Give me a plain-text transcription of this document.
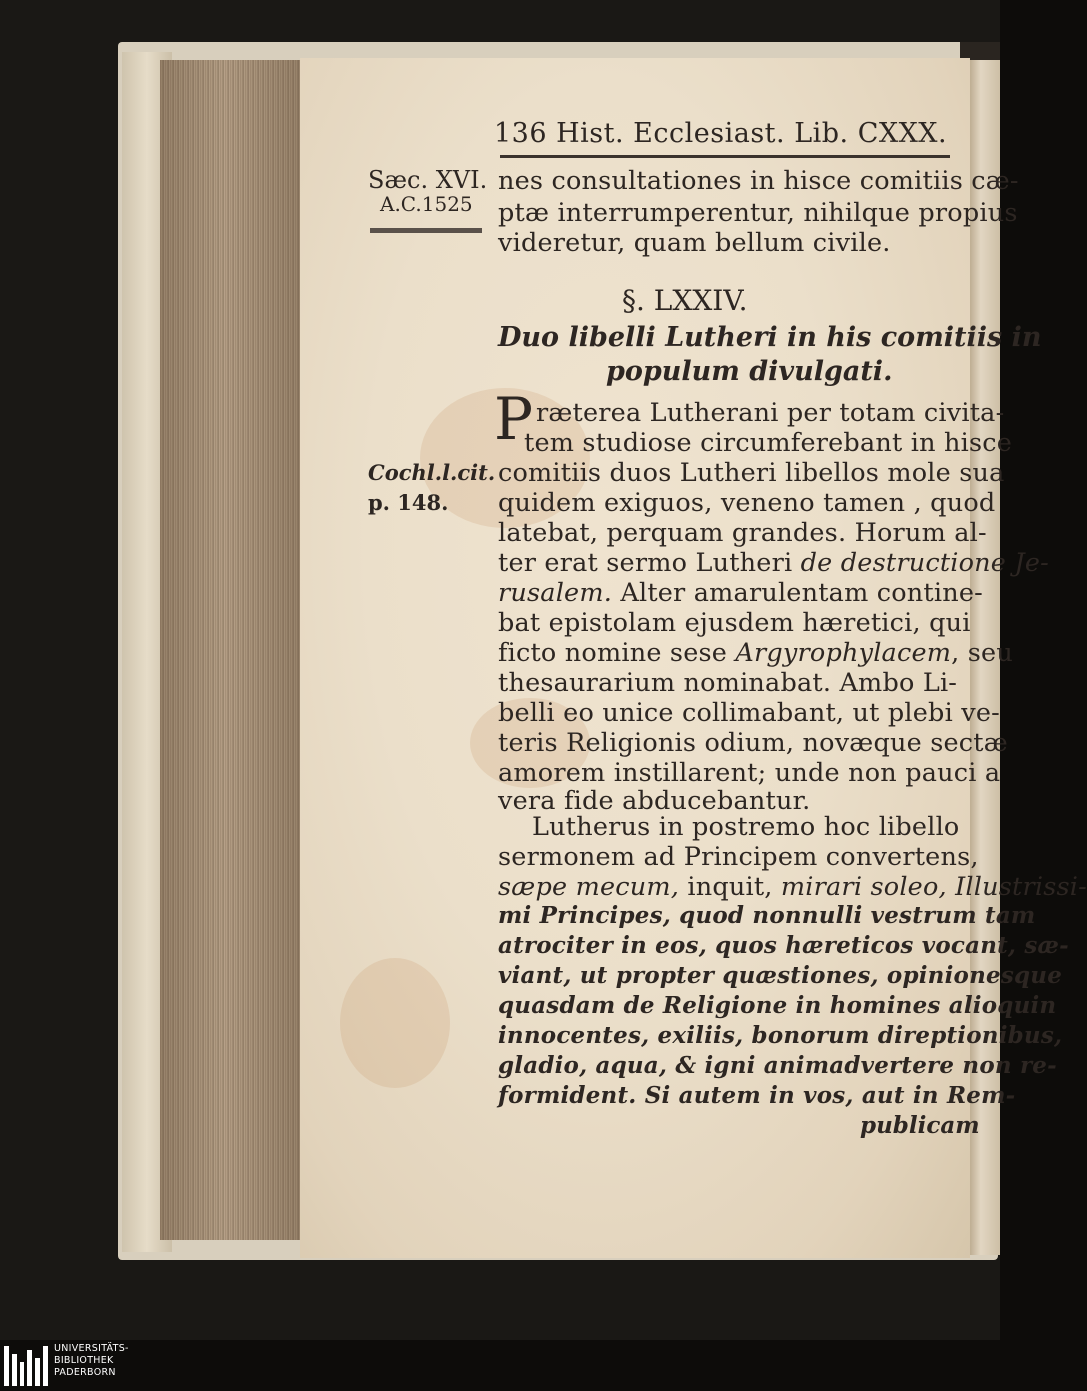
136 Hist. Ecclesiast. Lib. CXXX.
Sæc. XVI.
A.C.1525
Cochl.l.cit.
p. 148.
nes consultationes in hisce comitiis cæ-
ptæ interrumperentur, nihilque propius
videretur, quam bellum civile.
§. LXXIV.
Duo libelli Lutheri in his comitiis in
populum divulgati.
P ræterea Lutherani per totam civita-
tem studiose circumferebant in hisce
comitiis duos Lutheri libellos mole sua
quidem exiguos, veneno tamen , quod
latebat, perquam grandes. Horum al-
ter erat sermo Lutheri de destructione Je-
rusalem. Alter amarulentam contine-
bat epistolam ejusdem hæretici, qui
ficto nomine sese Argyrophylacem, seu
thesaurarium nominabat. Ambo Li-
belli eo unice collimabant, ut plebi ve-
teris Religionis odium, novæque sectæ
amorem instillarent; unde non pauci a
vera fide abducebantur.
Lutherus in postremo hoc libello
sermonem ad Principem convertens,
sæpe mecum, inquit, mirari soleo, Illustrissi-
mi Principes, quod nonnulli vestrum tam
atrociter in eos, quos hæreticos vocant, sæ-
viant, ut propter quæstiones, opinionesque
quasdam de Religione in homines alioquin
innocentes, exiliis, bonorum direptionibus,
gladio, aqua, & igni animadvertere non re-
formident. Si autem in vos, aut in Rem-
publicam
UNIVERSITÄTS-
BIBLIOTHEK
PADERBORN
